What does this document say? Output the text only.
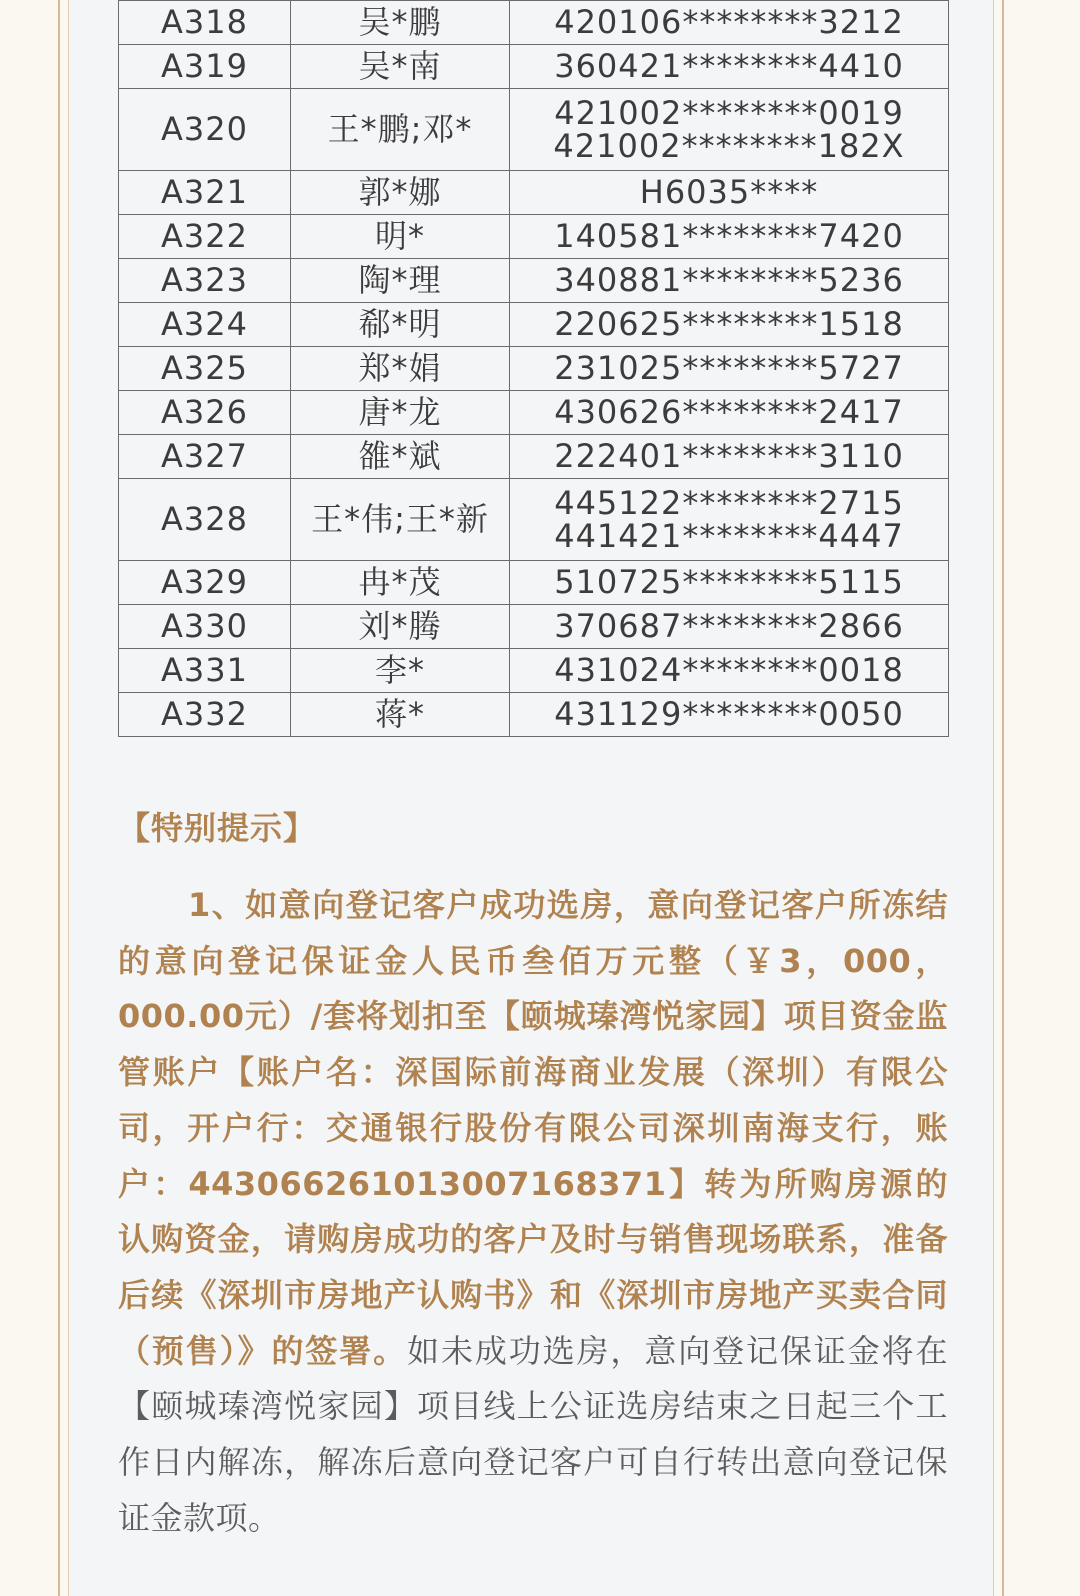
A318	吴*鹏	420106********3212

A319	吴*南	360421********4410

A320	王*鹏;邓*	421002********0019
421002********182X

A321	郭*娜	H6035****

A322	明*	140581********7420

A323	陶*理	340881********5236

A324	郗*明	220625********1518

A325	郑*娟	231025********5727

A326	唐*龙	430626********2417

A327	雒*斌	222401********3110

A328	王*伟;王*新	445122********2715
441421********4447

A329	冉*茂	510725********5115

A330	刘*腾	370687********2866

A331	李*	431024********0018

A332	蒋*	431129********0050
【特别提示】
1、如意向登记客户成功选房，意向登记客户所冻结的意向登记保证金人民币叁佰万元整（￥3，000，000.00元）/套将划扣至【颐城瑧湾悦家园】项目资金监管账户【账户名：深国际前海商业发展（深圳）有限公司，开户行：交通银行股份有限公司深圳南海支行，账户：443066261013007168371】转为所购房源的认购资金，请购房成功的客户及时与销售现场联系，准备后续《深圳市房地产认购书》和《深圳市房地产买卖合同（预售）》的签署。如未成功选房，意向登记保证金将在【颐城瑧湾悦家园】项目线上公证选房结束之日起三个工作日内解冻，解冻后意向登记客户可自行转出意向登记保证金款项。
